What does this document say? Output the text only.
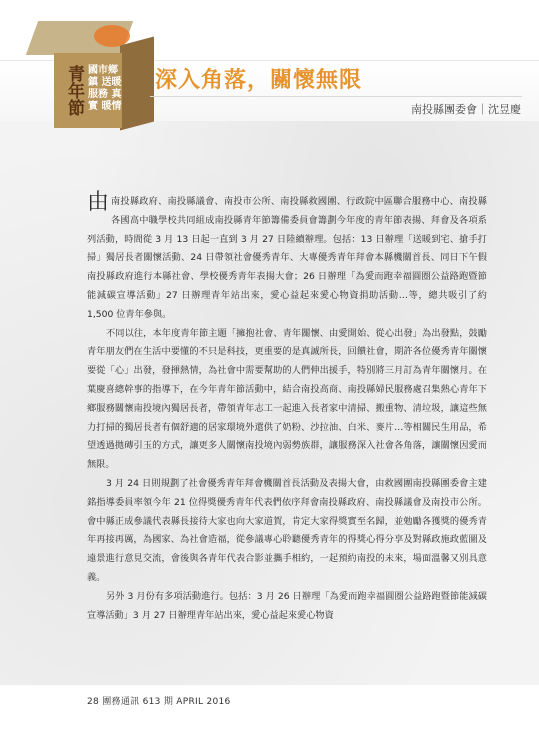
青年節 國市鄉鎮 送暖服務 真實 暖情
深入角落，關懷無限
南投縣團委會｜沈昱慶

由南投縣政府、南投縣議會、南投市公所、南投縣救國團、行政院中區聯合服務中心、南投縣各國高中職學校共同組成南投縣青年節籌備委員會籌劃今年度的青年節表揚、拜會及各項系列活動，時間從 3 月 13 日起一直到 3 月 27 日陸續辦理。包括：13 日辦理「送暖到宅、搶手打掃」獨居長者關懷活動、24 日帶領社會優秀青年、大專優秀青年拜會本縣機關首長、同日下午假南投縣政府進行本縣社會、學校優秀青年表揚大會；26 日辦理「為愛而跑幸福圓圈公益路跑暨節能減碳宣導活動」27 日辦理青年站出來，愛心益起來愛心物資捐助活動…等，總共吸引了約 1,500 位青年參與。

不同以往，本年度青年節主題「擁抱社會、青年關懷、由愛開始、從心出發」為出發點，鼓勵青年朋友們在生活中要懂的不只是科技，更重要的是真誠所長，回饋社會，期許各位優秀青年關懷要從「心」出發，發揮熱情，為社會中需要幫助的人們伸出援手，特別將三月訂為青年關懷月。在葉慶喜總幹事的指導下，在今年青年節活動中，結合南投高商、南投縣婦民服務處召集熱心青年下鄉服務關懷南投境內獨居長者，帶領青年志工一起進入長者家中清掃、搬重物、清垃圾，讓這些無力打掃的獨居長者有個舒適的居家環境外還供了奶粉、沙拉油、白米、麥片…等相關民生用品，希望透過拋磚引玉的方式，讓更多人關懷南投境內弱勢族群，讓服務深入社會各角落，讓關懷因愛而無限。

3 月 24 日則規劃了社會優秀青年拜會機關首長活動及表揚大會，由救國團南投縣團委會主建銘指導委員率領今年 21 位得獎優秀青年代表們依序拜會南投縣政府、南投縣議會及南投市公所。會中縣正成參議代表縣長接待大家也向大家道賀，肯定大家得獎實至名歸，並勉勵各獲獎的優秀青年再接再厲，為國家、為社會造福，從參議專心聆聽優秀青年的得獎心得分享及對縣政施政藍圖及遠景進行意見交流，會後與各青年代表合影並攜手相約，一起預約南投的未來，場面溫馨又別具意義。

另外 3 月份有多項活動進行。包括：3 月 26 日辦理「為愛而跑幸福圓圈公益路跑暨節能減碳宣導活動」3 月 27 日辦理青年站出來，愛心益起來愛心物資

28 團務通訊 613 期 APRIL 2016
